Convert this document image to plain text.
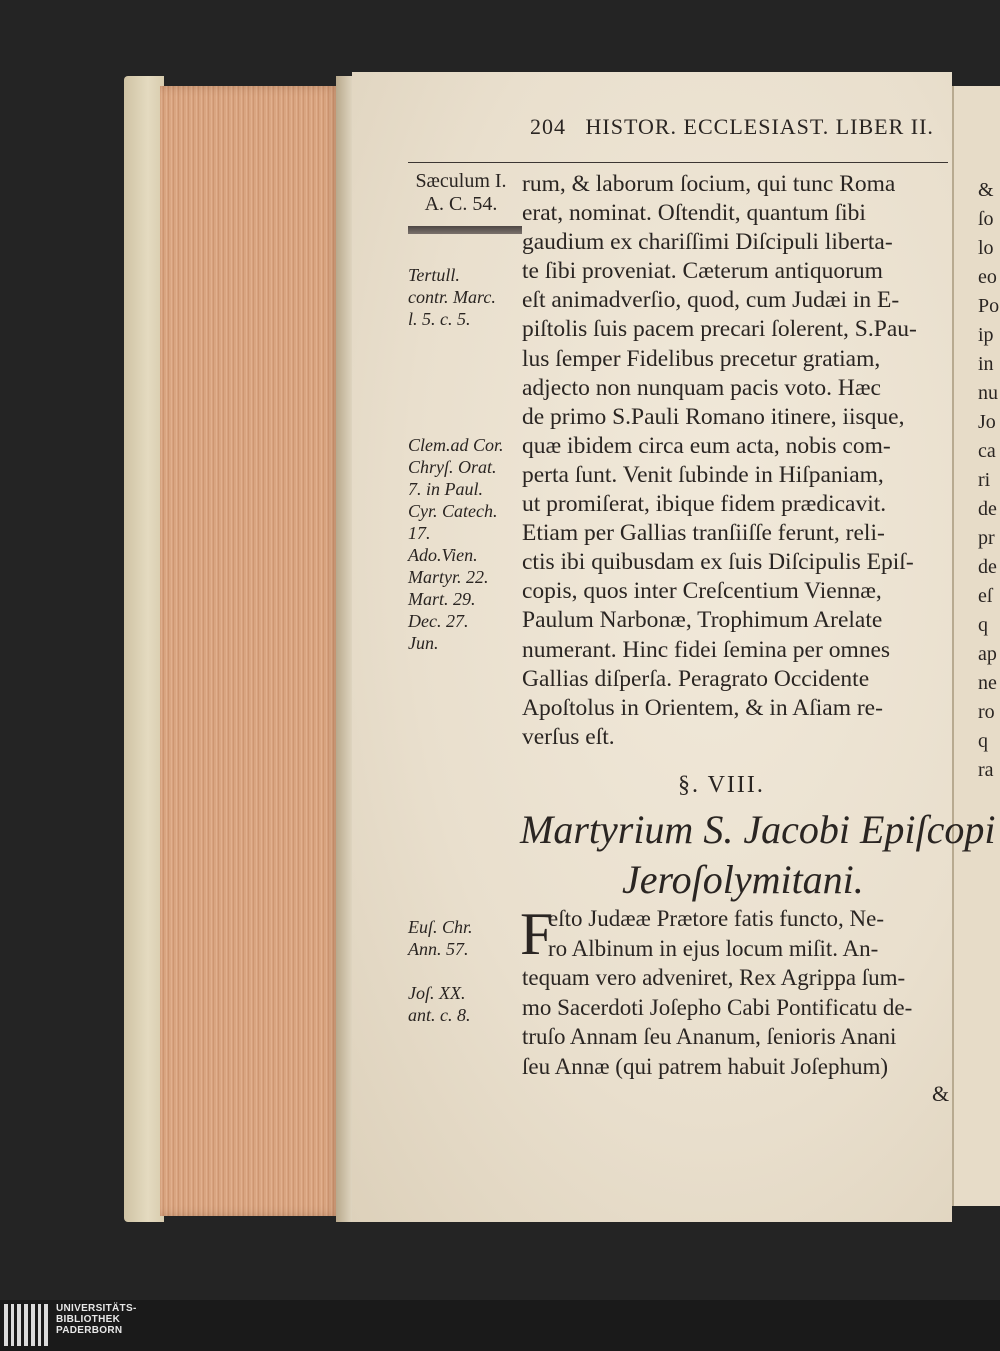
204 HISTOR. ECCLESIAST. LIBER II.
Sæculum I.
A. C. 54.
Tertull.
contr. Marc.
l. 5. c. 5.
Clem.ad Cor.
Chryſ. Orat.
7. in Paul.
Cyr. Catech.
17.
Ado.Vien.
Martyr. 22.
Mart. 29.
Dec. 27.
Jun.
Euſ. Chr.
Ann. 57.
Joſ. XX.
ant. c. 8.
rum, & laborum ſocium, qui tunc Roma
erat, nominat. Oſtendit, quantum ſibi
gaudium ex chariſſimi Diſcipuli liberta-
te ſibi proveniat. Cæterum antiquorum
eſt animadverſio, quod, cum Judæi in E-
piſtolis ſuis pacem precari ſolerent, S.Pau-
lus ſemper Fidelibus precetur gratiam,
adjecto non nunquam pacis voto. Hæc
de primo S.Pauli Romano itinere, iisque,
quæ ibidem circa eum acta, nobis com-
perta ſunt. Venit ſubinde in Hiſpaniam,
ut promiſerat, ibique fidem prædicavit.
Etiam per Gallias tranſiiſſe ferunt, reli-
ctis ibi quibusdam ex ſuis Diſcipulis Epiſ-
copis, quos inter Creſcentium Viennæ,
Paulum Narbonæ, Trophimum Arelate
numerant. Hinc fidei ſemina per omnes
Gallias diſperſa. Peragrato Occidente
Apoſtolus in Orientem, & in Aſiam re-
verſus eſt.
§. VIII.
Martyrium S. Jacobi Epiſcopi
Jeroſolymitani.
F
eſto Judææ Prætore fatis functo, Ne-
ro Albinum in ejus locum miſit. An-
tequam vero adveniret, Rex Agrippa ſum-
mo Sacerdoti Joſepho Cabi Pontificatu de-
truſo Annam ſeu Ananum, ſenioris Anani
ſeu Annæ (qui patrem habuit Joſephum)
&
&
ſo
lo
eo
Po
ip
in
nu
Jo
ca
ri
de
pr
de
eſ
q
ap
ne
ro
q
ra
UNIVERSITÄTS-
BIBLIOTHEK
PADERBORN
